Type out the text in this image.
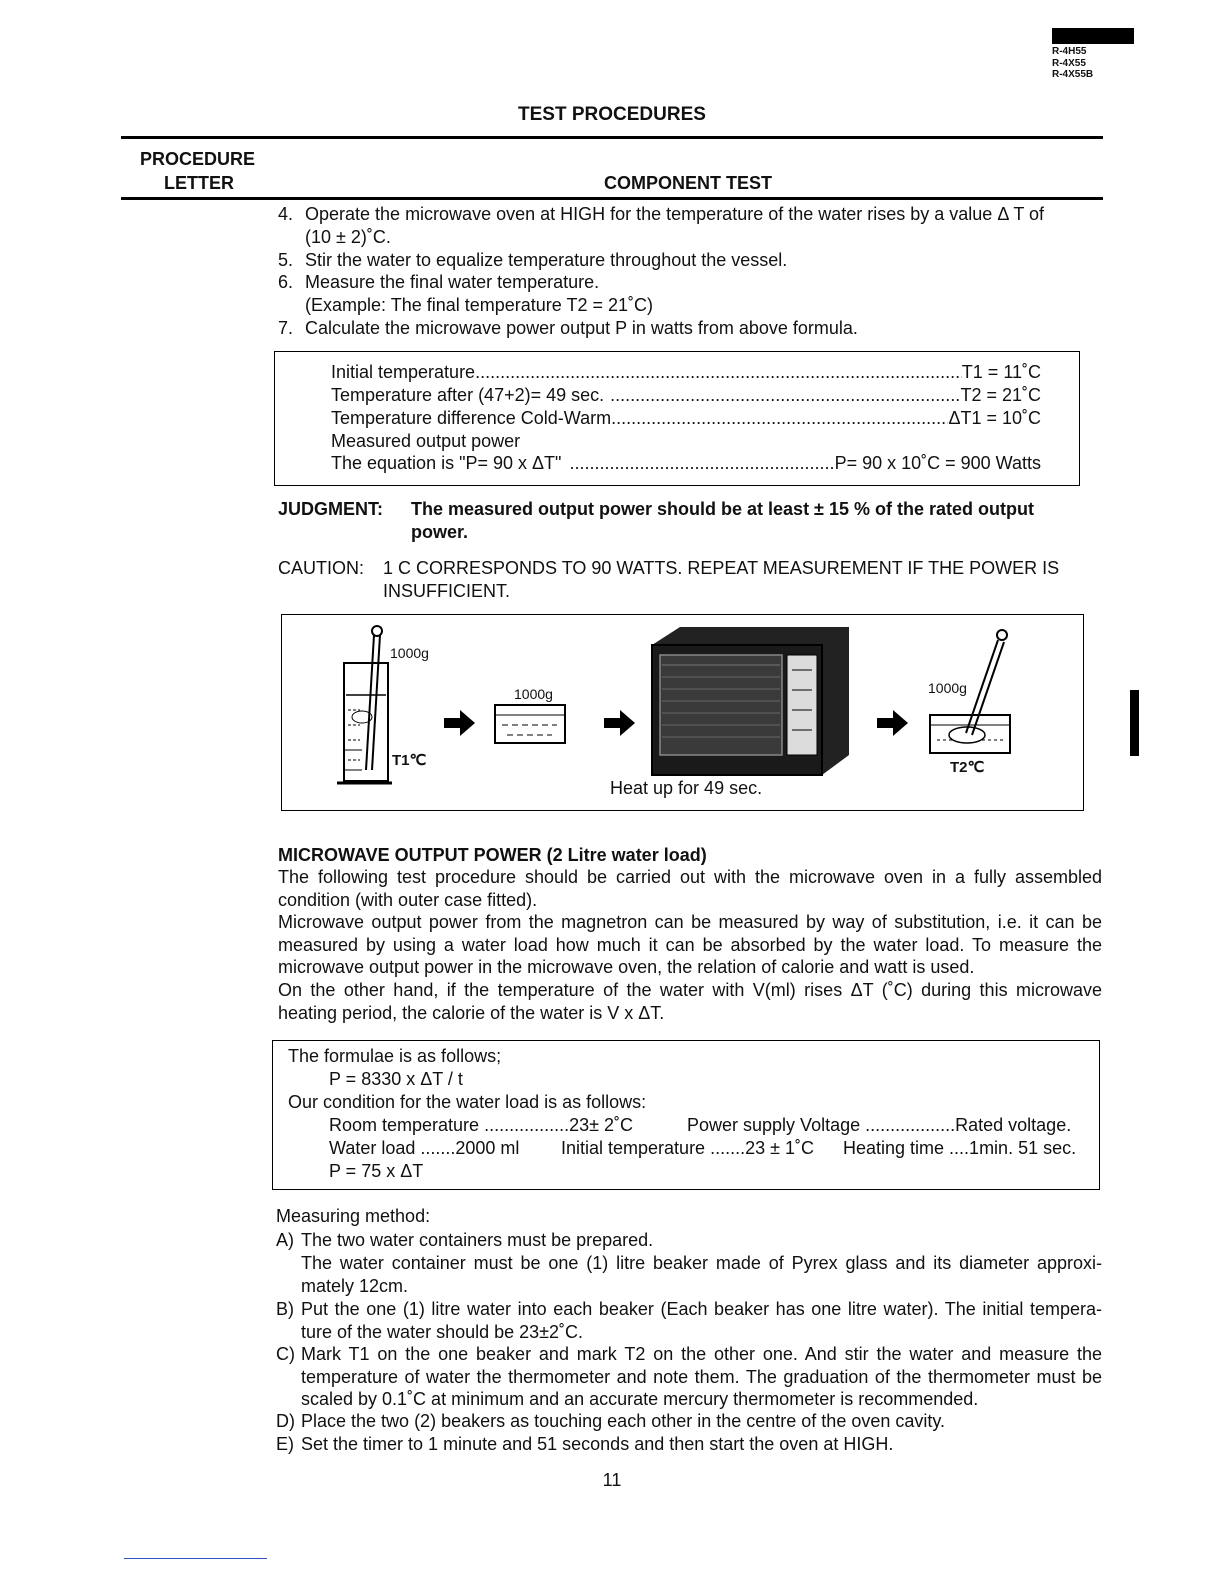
R-4H55
R-4X55
R-4X55B
TEST PROCEDURES
PROCEDURE
LETTER	COMPONENT TEST
4. Operate the microwave oven at HIGH for the temperature of the water rises by a value Δ T of
(10 ± 2)˚C.
5. Stir the water to equalize temperature throughout the vessel.
6. Measure the final water temperature.
(Example: The final temperature T2 = 21˚C)
7. Calculate the microwave power output P in watts from above formula.
Initial temperature .....	T1 = 11˚C
Temperature after (47+2)= 49 sec. .....	T2 = 21˚C
Temperature difference Cold-Warm .....	ΔT1 = 10˚C
Measured output power
The equation is "P= 90 x ΔT" .....	P= 90 x 10˚C = 900 Watts
JUDGMENT: The measured output power should be at least ± 15 % of the rated output
power.
CAUTION: 1 C CORRESPONDS TO 90 WATTS. REPEAT MEASUREMENT IF THE POWER IS
INSUFFICIENT.
1000g
T1℃
1000g
Heat up for 49 sec.
1000g
T2℃
MICROWAVE OUTPUT POWER (2 Litre water load)
The following test procedure should be carried out with the microwave oven in a fully assembled condition (with outer case fitted).
Microwave output power from the magnetron can be measured by way of substitution, i.e. it can be measured by using a water load how much it can be absorbed by the water load. To measure the microwave output power in the microwave oven, the relation of calorie and watt is used.
On the other hand, if the temperature of the water with V(ml) rises ΔT (˚C) during this microwave heating period, the calorie of the water is V x ΔT.
The formulae is as follows;
P = 8330 x ΔT / t
Our condition for the water load is as follows:
Room temperature .................23± 2˚C	Power supply Voltage ..................Rated voltage.
Water load .......2000 ml Initial temperature .......23 ± 1˚C Heating time ....1min. 51 sec.
P = 75 x ΔT
Measuring method:
A) The two water containers must be prepared.
The water container must be one (1) litre beaker made of Pyrex glass and its diameter approxi-mately 12cm.
B) Put the one (1) litre water into each beaker (Each beaker has one litre water). The initial tempera-ture of the water should be 23±2˚C.
C) Mark T1 on the one beaker and mark T2 on the other one. And stir the water and measure the temperature of water the thermometer and note them. The graduation of the thermometer must be scaled by 0.1˚C at minimum and an accurate mercury thermometer is recommended.
D) Place the two (2) beakers as touching each other in the centre of the oven cavity.
E) Set the timer to 1 minute and 51 seconds and then start the oven at HIGH.
11
